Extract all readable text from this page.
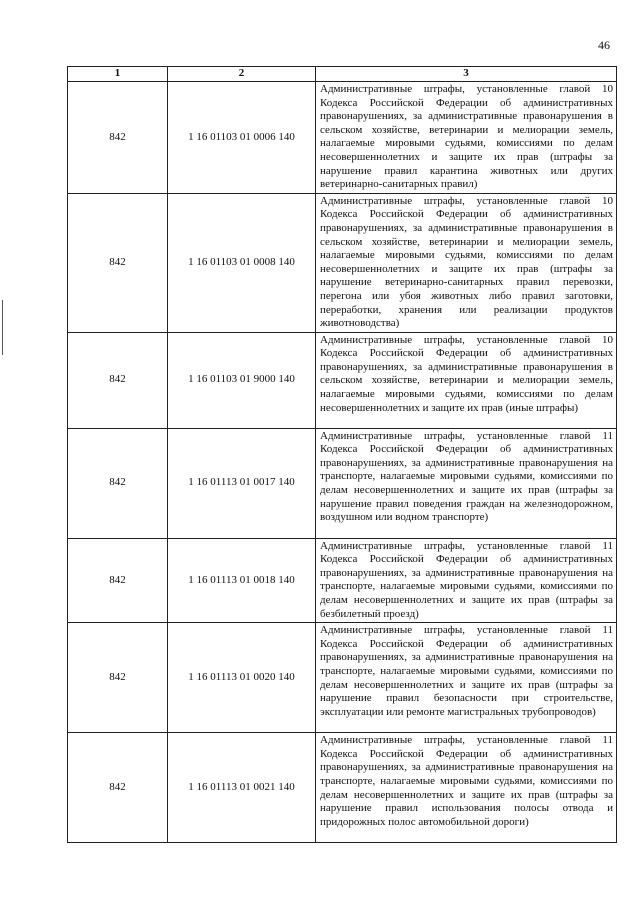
46
1	2	3
842	1 16 01103 01 0006 140	Административные штрафы, установленные главой 10 Кодекса Российской Федерации об административных правонарушениях, за административные правонарушения в сельском хозяйстве, ветеринарии и мелиорации земель, налагаемые мировыми судьями, комиссиями по делам несовершеннолетних и защите их прав (штрафы за нарушение правил карантина животных или других ветеринарно-санитарных правил)
842	1 16 01103 01 0008 140	Административные штрафы, установленные главой 10 Кодекса Российской Федерации об административных правонарушениях, за административные правонарушения в сельском хозяйстве, ветеринарии и мелиорации земель, налагаемые мировыми судьями, комиссиями по делам несовершеннолетних и защите их прав (штрафы за нарушение ветеринарно-санитарных правил перевозки, перегона или убоя животных либо правил заготовки, переработки, хранения или реализации продуктов животноводства)
842	1 16 01103 01 9000 140	Административные штрафы, установленные главой 10 Кодекса Российской Федерации об административных правонарушениях, за административные правонарушения в сельском хозяйстве, ветеринарии и мелиорации земель, налагаемые мировыми судьями, комиссиями по делам несовершеннолетних и защите их прав (иные штрафы)
842	1 16 01113 01 0017 140	Административные штрафы, установленные главой 11 Кодекса Российской Федерации об административных правонарушениях, за административные правонарушения на транспорте, налагаемые мировыми судьями, комиссиями по делам несовершеннолетних и защите их прав (штрафы за нарушение правил поведения граждан на железнодорожном, воздушном или водном транспорте)
842	1 16 01113 01 0018 140	Административные штрафы, установленные главой 11 Кодекса Российской Федерации об административных правонарушениях, за административные правонарушения на транспорте, налагаемые мировыми судьями, комиссиями по делам несовершеннолетних и защите их прав (штрафы за безбилетный проезд)
842	1 16 01113 01 0020 140	Административные штрафы, установленные главой 11 Кодекса Российской Федерации об административных правонарушениях, за административные правонарушения на транспорте, налагаемые мировыми судьями, комиссиями по делам несовершеннолетних и защите их прав (штрафы за нарушение правил безопасности при строительстве, эксплуатации или ремонте магистральных трубопроводов)
842	1 16 01113 01 0021 140	Административные штрафы, установленные главой 11 Кодекса Российской Федерации об административных правонарушениях, за административные правонарушения на транспорте, налагаемые мировыми судьями, комиссиями по делам несовершеннолетних и защите их прав (штрафы за нарушение правил использования полосы отвода и придорожных полос автомобильной дороги)
